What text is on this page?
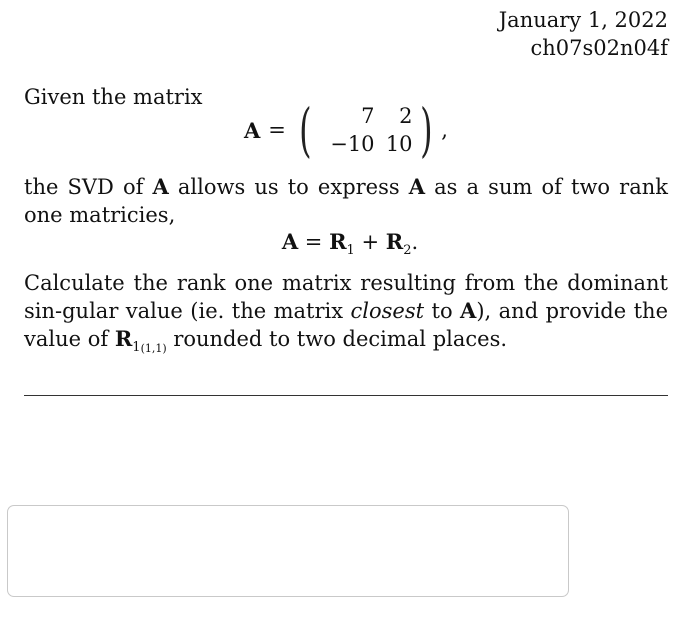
January 1, 2022
ch07s02n04f
Given the matrix
A = (	7	2
−10 10 ) ,
the SVD of A allows us to express A as a sum of two rank one matricies,
$A = R_1 + R_2$.
Calculate the rank one matrix resulting from the dominant sin-gular value (ie. the matrix closest to A), and provide the value of $R_{1(1,1)}$ rounded to two decimal places.
